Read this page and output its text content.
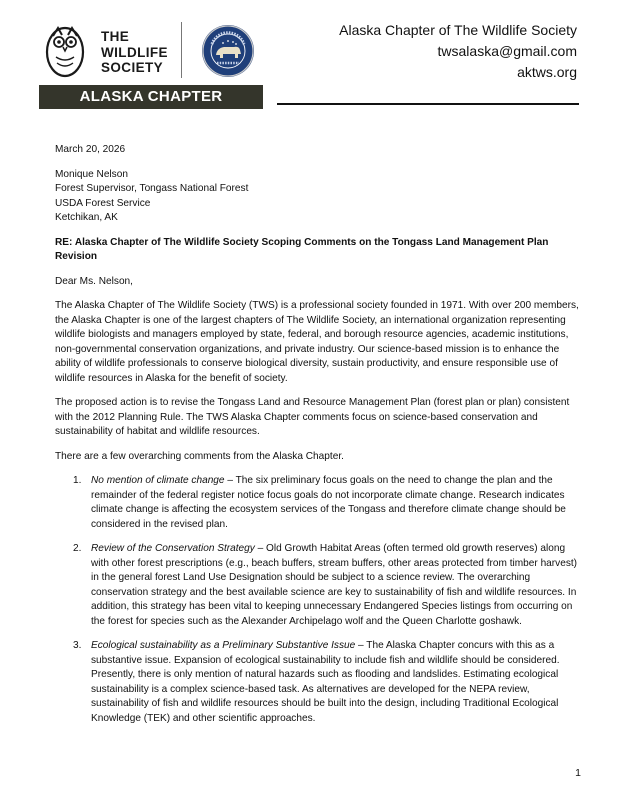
THE
WILDLIFE
SOCIETY
ALASKA CHAPTER
Alaska Chapter of The Wildlife Society
twsalaska@gmail.com
aktws.org

March 20, 2026

Monique Nelson

Forest Supervisor, Tongass National Forest

USDA Forest Service

Ketchikan, AK

RE: Alaska Chapter of The Wildlife Society Scoping Comments on the Tongass Land Management Plan Revision

Dear Ms. Nelson,

The Alaska Chapter of The Wildlife Society (TWS) is a professional society founded in 1971. With over 200 members, the Alaska Chapter is one of the largest chapters of The Wildlife Society, an international organization representing wildlife biologists and managers employed by state, federal, and borough resource agencies, academic institutions, non-governmental conservation organizations, and private industry. Our science-based mission is to enhance the ability of wildlife professionals to conserve biological diversity, sustain productivity, and ensure responsible use of wildlife resources in Alaska for the benefit of society.

The proposed action is to revise the Tongass Land and Resource Management Plan (forest plan or plan) consistent with the 2012 Planning Rule. The TWS Alaska Chapter comments focus on science-based conservation and sustainability of habitat and wildlife resources.

There are a few overarching comments from the Alaska Chapter.

1. No mention of climate change – The six preliminary focus goals on the need to change the plan and the remainder of the federal register notice focus goals do not incorporate climate change. Research indicates climate change is affecting the ecosystem services of the Tongass and therefore climate change should be considered in the revised plan.
2. Review of the Conservation Strategy – Old Growth Habitat Areas (often termed old growth reserves) along with other forest prescriptions (e.g., beach buffers, stream buffers, other areas protected from timber harvest) in the general forest Land Use Designation should be subject to a science review. The overarching conservation strategy and the best available science are key to sustainability of fish and wildlife resources. In addition, this strategy has been vital to keeping unnecessary Endangered Species listings from occurring on the forest for species such as the Alexander Archipelago wolf and the Queen Charlotte goshawk.
3. Ecological sustainability as a Preliminary Substantive Issue – The Alaska Chapter concurs with this as a substantive issue. Expansion of ecological sustainability to include fish and wildlife should be considered. Presently, there is only mention of natural hazards such as flooding and landslides. Estimating ecological sustainability is a complex science-based task. As alternatives are developed for the NEPA review, sustainability of fish and wildlife resources should be built into the design, including Traditional Ecological Knowledge (TEK) and other scientific approaches.
1
